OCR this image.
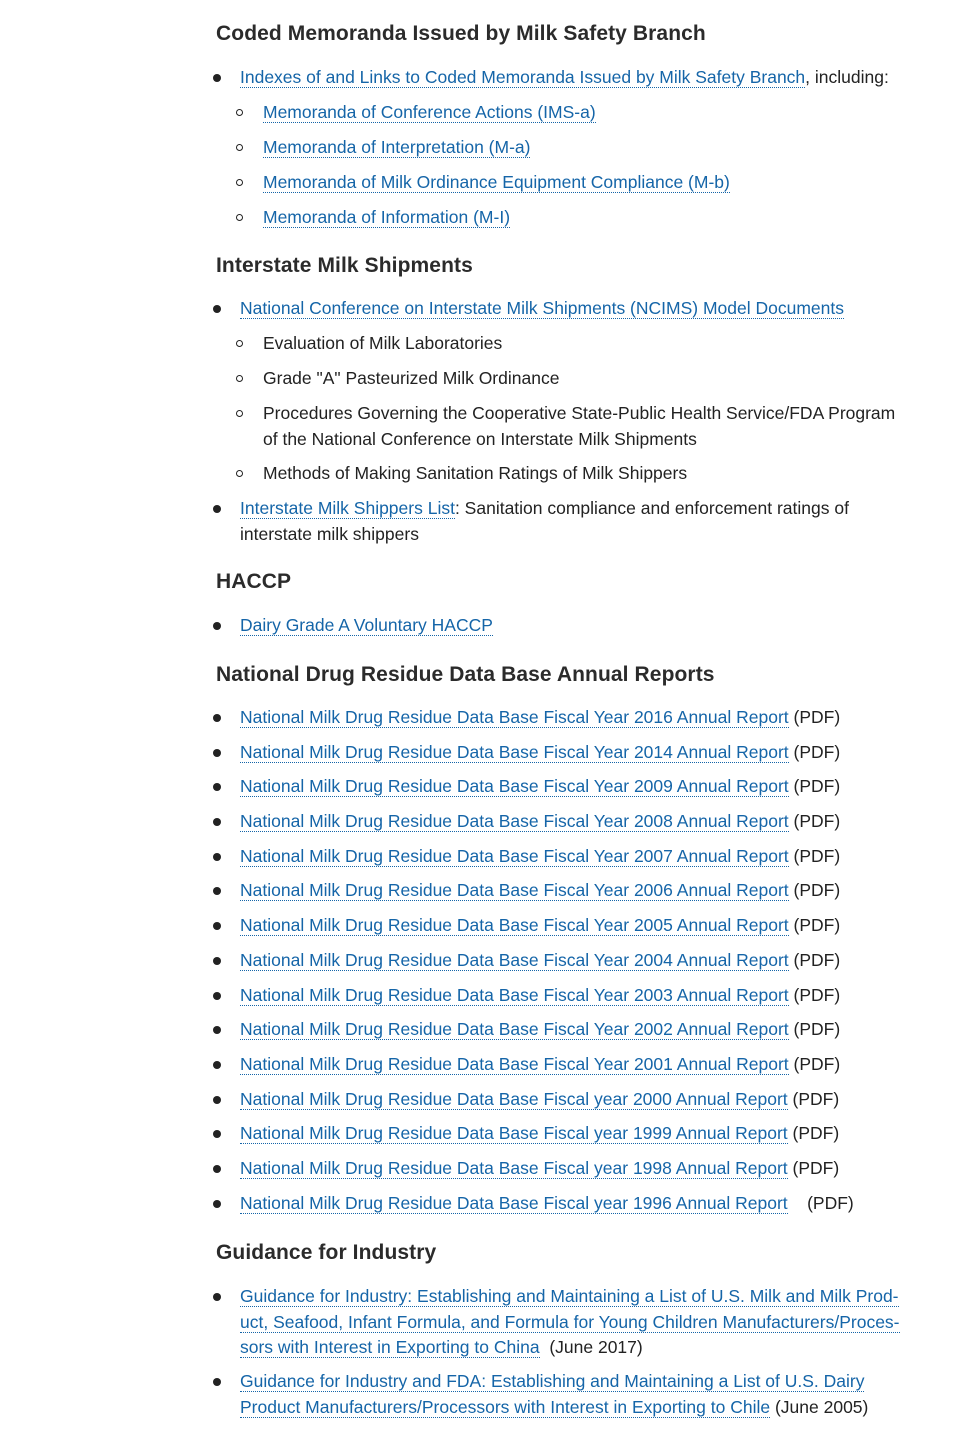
Coded Memoranda Issued by Milk Safety Branch
Indexes of and Links to Coded Memoranda Issued by Milk Safety Branch, including:
Memoranda of Conference Actions (IMS-a)
Memoranda of Interpretation (M-a)
Memoranda of Milk Ordinance Equipment Compliance (M-b)
Memoranda of Information (M-I)
Interstate Milk Shipments
National Conference on Interstate Milk Shipments (NCIMS) Model Documents
Evaluation of Milk Laboratories
Grade "A" Pasteurized Milk Ordinance
Procedures Governing the Cooperative State-Public Health Service/FDA Program
of the National Conference on Interstate Milk Shipments
Methods of Making Sanitation Ratings of Milk Shippers
Interstate Milk Shippers List: Sanitation compliance and enforcement ratings of
interstate milk shippers
HACCP
Dairy Grade A Voluntary HACCP
National Drug Residue Data Base Annual Reports
National Milk Drug Residue Data Base Fiscal Year 2016 Annual Report (PDF)
National Milk Drug Residue Data Base Fiscal Year 2014 Annual Report (PDF)
National Milk Drug Residue Data Base Fiscal Year 2009 Annual Report (PDF)
National Milk Drug Residue Data Base Fiscal Year 2008 Annual Report (PDF)
National Milk Drug Residue Data Base Fiscal Year 2007 Annual Report (PDF)
National Milk Drug Residue Data Base Fiscal Year 2006 Annual Report (PDF)
National Milk Drug Residue Data Base Fiscal Year 2005 Annual Report (PDF)
National Milk Drug Residue Data Base Fiscal Year 2004 Annual Report (PDF)
National Milk Drug Residue Data Base Fiscal Year 2003 Annual Report (PDF)
National Milk Drug Residue Data Base Fiscal Year 2002 Annual Report (PDF)
National Milk Drug Residue Data Base Fiscal Year 2001 Annual Report (PDF)
National Milk Drug Residue Data Base Fiscal year 2000 Annual Report (PDF)
National Milk Drug Residue Data Base Fiscal year 1999 Annual Report (PDF)
National Milk Drug Residue Data Base Fiscal year 1998 Annual Report (PDF)
National Milk Drug Residue Data Base Fiscal year 1996 Annual Report (PDF)
Guidance for Industry
Guidance for Industry: Establishing and Maintaining a List of U.S. Milk and Milk Prod-
uct, Seafood, Infant Formula, and Formula for Young Children Manufacturers/Proces-
sors with Interest in Exporting to China (June 2017)
Guidance for Industry and FDA: Establishing and Maintaining a List of U.S. Dairy
Product Manufacturers/Processors with Interest in Exporting to Chile (June 2005)
